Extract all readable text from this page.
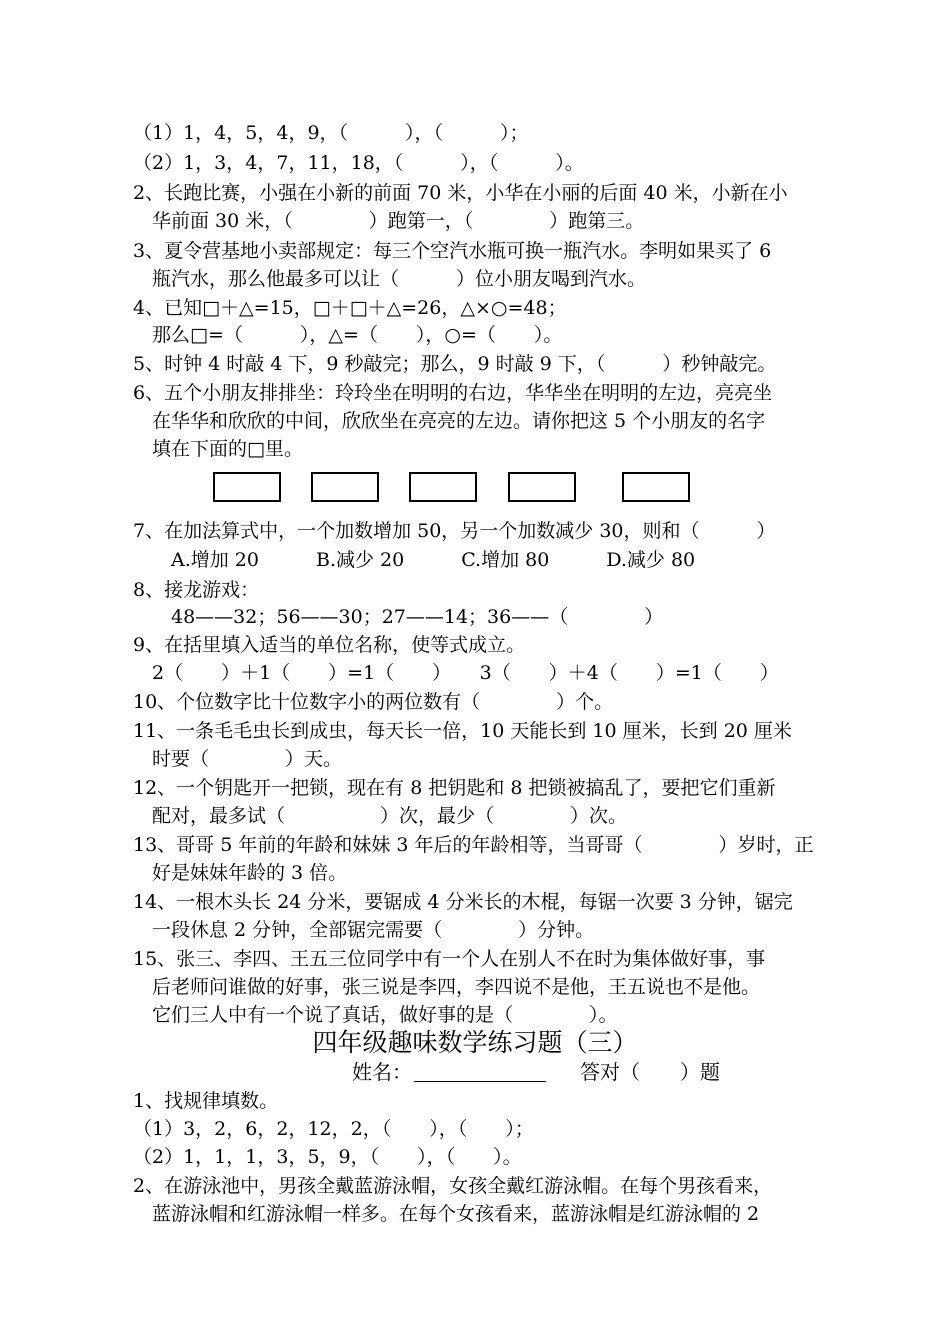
（1）1，4，5，4，9，（　　　），（　　　）；
（2）1，3，4，7，11，18，（　　　），（　　　）。
2、长跑比赛，小强在小新的前面 70 米，小华在小丽的后面 40 米，小新在小
　华前面 30 米，（　　　　）跑第一，（　　　　）跑第三。
3、夏令营基地小卖部规定：每三个空汽水瓶可换一瓶汽水。李明如果买了 6
　瓶汽水，那么他最多可以让（　　　）位小朋友喝到汽水。
4、已知□＋△=15，□＋□＋△=26，△×○=48；
　那么□=（　　　），△=（　　），○=（　　）。
5、时钟 4 时敲 4 下，9 秒敲完；那么，9 时敲 9 下，（　　　）秒钟敲完。
6、五个小朋友排排坐：玲玲坐在明明的右边，华华坐在明明的左边，亮亮坐
　在华华和欣欣的中间，欣欣坐在亮亮的左边。请你把这 5 个小朋友的名字
　填在下面的□里。
7、在加法算式中，一个加数增加 50，另一个加数减少 30，则和（　　　）
　　A.增加 20　　　B.减少 20　　　C.增加 80　　　D.减少 80
8、接龙游戏：
　　48——32；56——30；27——14；36——（　　　　）
9、在括里填入适当的单位名称，使等式成立。
　2（　　）＋1（　　）=1（　　）　　3（　　）＋4（　　）=1（　　）
10、个位数字比十位数字小的两位数有（　　　　）个。
11、一条毛毛虫长到成虫，每天长一倍，10 天能长到 10 厘米，长到 20 厘米
　时要（　　　　）天。
12、一个钥匙开一把锁，现在有 8 把钥匙和 8 把锁被搞乱了，要把它们重新
　配对，最多试（　　　　　）次，最少（　　　　）次。
13、哥哥 5 年前的年龄和妹妹 3 年后的年龄相等，当哥哥（　　　　）岁时，正
　好是妹妹年龄的 3 倍。
14、一根木头长 24 分米，要锯成 4 分米长的木棍，每锯一次要 3 分钟，锯完
　一段休息 2 分钟，全部锯完需要（　　　　）分钟。
15、张三、李四、王五三位同学中有一个人在别人不在时为集体做好事，事
　后老师问谁做的好事，张三说是李四，李四说不是他，王五说也不是他。
　它们三人中有一个说了真话，做好事的是（　　　　）。
四年级趣味数学练习题（三）
姓名：	答对（　　）题
1、找规律填数。
（1）3，2，6，2，12，2，（　　），（　　）；
（2）1，1，1，3，5，9，（　　），（　　）。
2、在游泳池中，男孩全戴蓝游泳帽，女孩全戴红游泳帽。在每个男孩看来，
　蓝游泳帽和红游泳帽一样多。在每个女孩看来，蓝游泳帽是红游泳帽的 2
